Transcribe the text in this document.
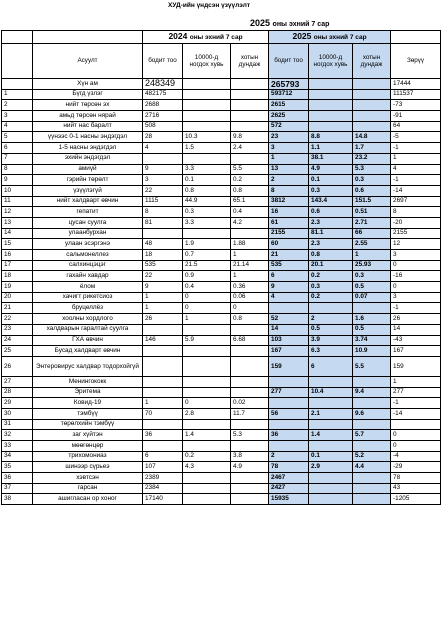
ХУД-ийн үндсэн үзүүлэлт
2025 оны эхний 7 сар
		2024 оны эхний 7 сар			2025 оны эхний 7 сар			
	Асуулт	бодит тоо	10000-д ногдох хувь	хотын дундаж	бодит тоо	10000-д ногдох хувь	хотын дундаж	Зөрүү
	Хүн ам	248349			265793			17444
1	Бүгд үзлэг	482175			593712			111537
2	нийт төрсөн эх	2688			2615			-73
3	амьд төрсөн нярай	2716			2625			-91
4	нийт нас баралт	508			572			64
5	үүнээс 0-1 насны эндэгдэл	28	10.3	9.8	23	8.8	14.8	-5
6	1-5 насны эндэгдэл	4	1.5	2.4	3	1.1	1.7	-1
7	эхийн эндэгдэл				1	38.1	23.2	1
8	амиүй	9	3.3	5.5	13	4.9	5.3	4
9	гэрийн төрөлт	3	0.1	0.2	2	0.1	0.3	-1
10	үзүүлэгүй	22	0.8	0.8	8	0.3	0.6	-14
11	нийт халдварт өвчин	1115	44.9	65.1	3812	143.4	151.5	2697
12	гепатит	8	0.3	0.4	16	0.6	0.51	8
13	цусан суулга	81	3.3	4.2	61	2.3	2.71	-20
14	улаанбурхан				2155	81.1	66	2155
15	улаан эсэргэнэ	48	1.9	1.88	60	2.3	2.55	12
16	сальмонеллез	18	0.7	1	21	0.8	1	3
17	салхинцэцэг	535	21.5	21.14	535	20.1	25.93	0
18	гахайн хавдар	22	0.9	1	6	0.2	0.3	-16
19	ёлом	9	0.4	0.36	9	0.3	0.5	0
20	хачигт рикетсиоз	1	0	0.06	4	0.2	0.07	3
21	бруцеллёз	1	0	0				-1
22	хоолны хордлого	26	1	0.8	52	2	1.6	26
23	халдварын гаралтай суулга				14	0.5	0.5	14
24	ГХА өвчин	146	5.9	6.68	103	3.9	3.74	-43
25	Бусад халдварт өвчин				167	6.3	10.9	167
26	Энтеровирус халдвар тодорхойгүй				159	6	5.5	159
27	Менингококк							1
28	Эритема				277	10.4	9.4	277
29	Ковид-19	1	0	0.02				-1
30	тэмбүү	70	2.8	11.7	56	2.1	9.6	-14
31	төрөлхийн тэмбүү							
32	заг хүйтэн	36	1.4	5.3	36	1.4	5.7	0
33	мөөгөнцөр							0
34	трихомониаз	6	0.2	3.8	2	0.1	5.2	-4
35	шинээр сүрьеэ	107	4.3	4.9	78	2.9	4.4	-29
36	хэвтсэн	2389			2467			78
37	гарсан	2384			2427			43
38	ашигласан ор хоног	17140			15935			-1205
